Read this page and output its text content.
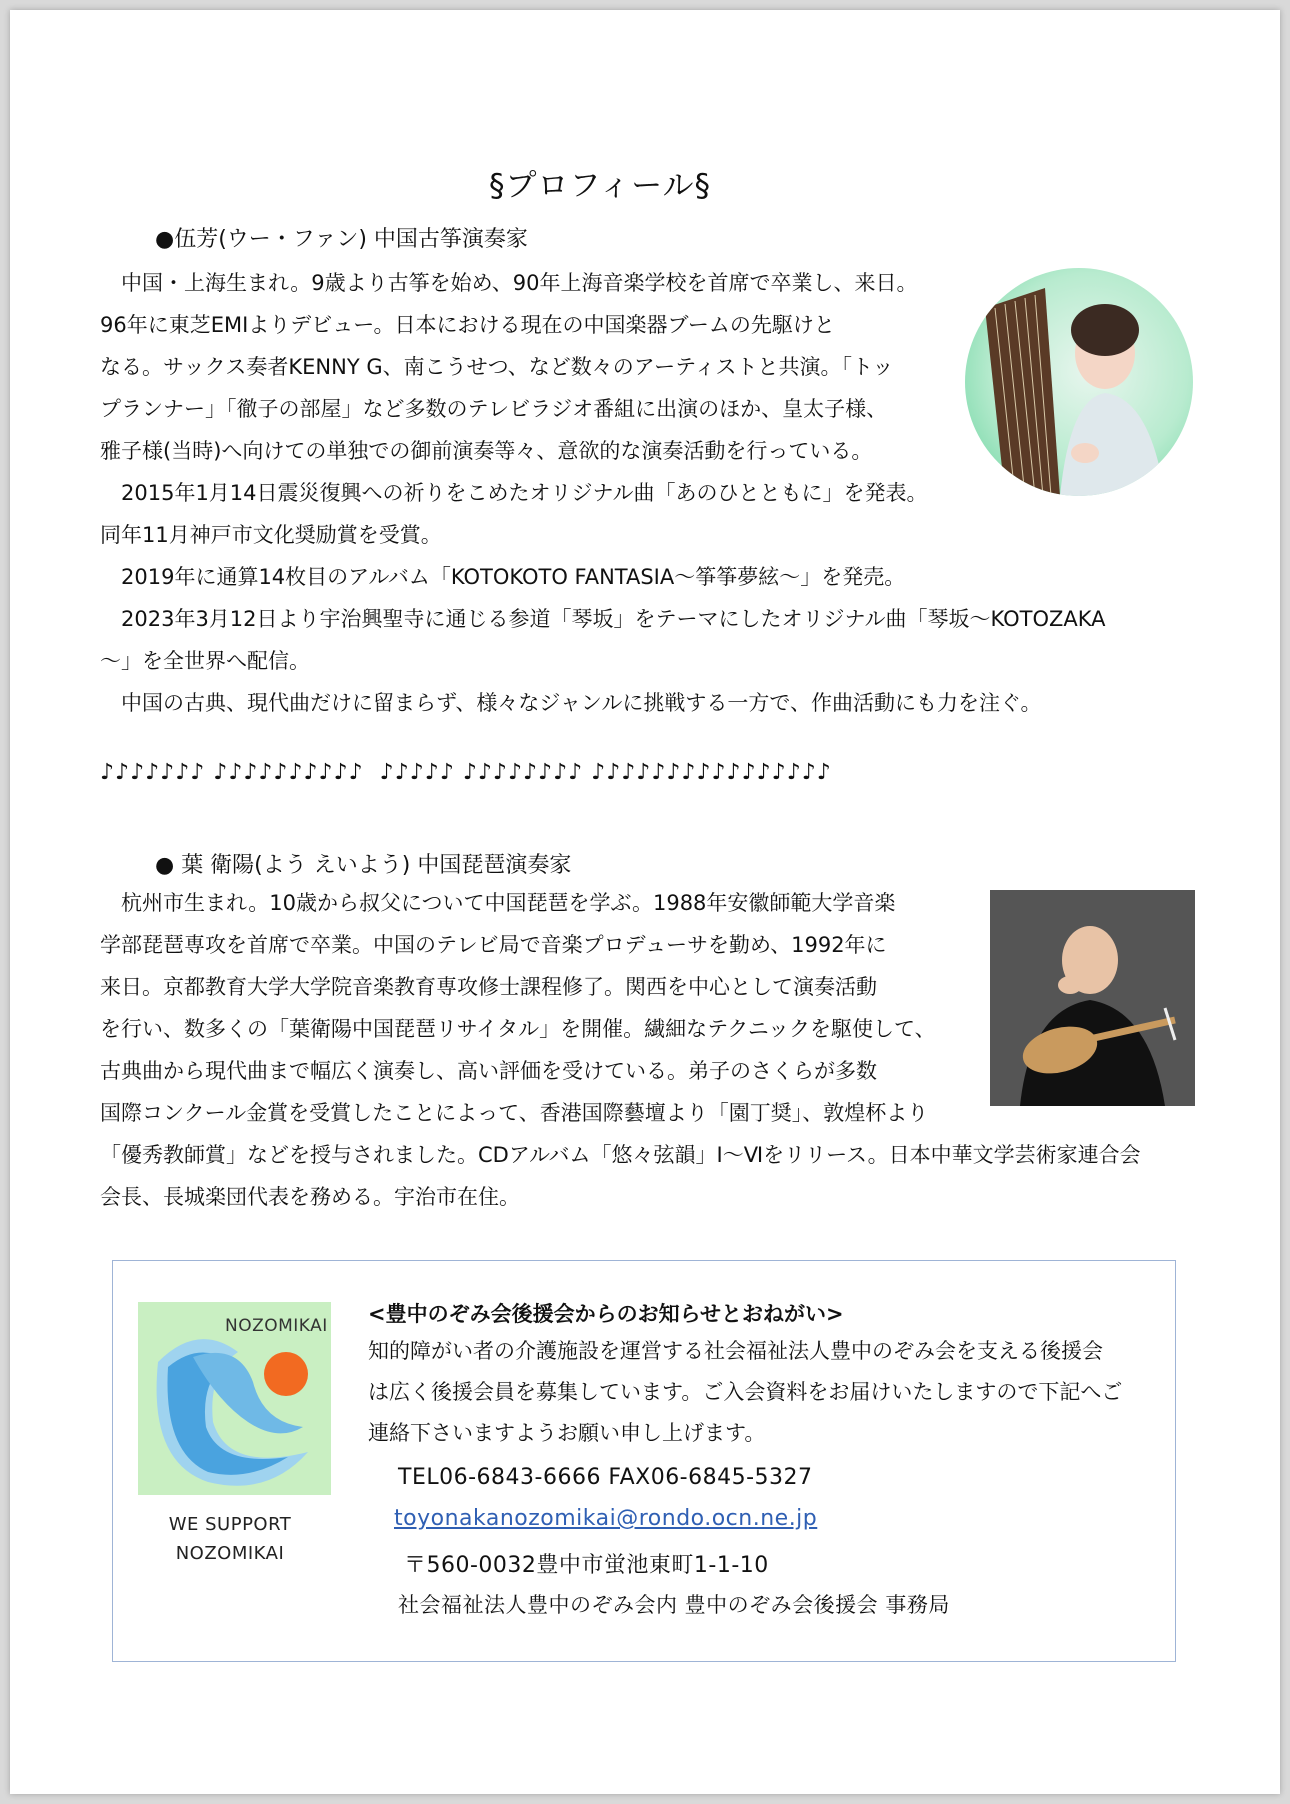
§プロフィール§
●伍芳(ウー・ファン) 中国古筝演奏家

　中国・上海生まれ。9歳より古筝を始め、90年上海音楽学校を首席で卒業し、来日。

96年に東芝EMIよりデビュー。日本における現在の中国楽器ブームの先駆けと

なる。サックス奏者KENNY G、南こうせつ、など数々のアーティストと共演。「トッ

プランナー」「徹子の部屋」など多数のテレビラジオ番組に出演のほか、皇太子様、

雅子様(当時)へ向けての単独での御前演奏等々、意欲的な演奏活動を行っている。

　2015年1月14日震災復興への祈りをこめたオリジナル曲「あのひとともに」を発表。

同年11月神戸市文化奨励賞を受賞。

　2019年に通算14枚目のアルバム「KOTOKOTO FANTASIA～筝筝夢絃～」を発売。

　2023年3月12日より宇治興聖寺に通じる参道「琴坂」をテーマにしたオリジナル曲「琴坂～KOTOZAKA

～」を全世界へ配信。

　中国の古典、現代曲だけに留まらず、様々なジャンルに挑戦する一方で、作曲活動にも力を注ぐ。

♪♪♪♪♪♪♪ ♪♪♪♪♪♪♪♪♪♪  ♪♪♪♪♪ ♪♪♪♪♪♪♪♪ ♪♪♪♪♪♪♪♪♪♪♪♪♪♪♪♪
● 葉 衛陽(よう えいよう) 中国琵琶演奏家

　杭州市生まれ。10歳から叔父について中国琵琶を学ぶ。1988年安徽師範大学音楽

学部琵琶専攻を首席で卒業。中国のテレビ局で音楽プロデューサを勤め、1992年に

来日。京都教育大学大学院音楽教育専攻修士課程修了。関西を中心として演奏活動

を行い、数多くの「葉衛陽中国琵琶リサイタル」を開催。繊細なテクニックを駆使して、

古典曲から現代曲まで幅広く演奏し、高い評価を受けている。弟子のさくらが多数

国際コンクール金賞を受賞したことによって、香港国際藝壇より「園丁奨」、敦煌杯より

「優秀教師賞」などを授与されました。CDアルバム「悠々弦韻」Ⅰ～Ⅵをリリース。日本中華文学芸術家連合会

会長、長城楽団代表を務める。宇治市在住。

NOZOMIKAI
WE SUPPORT
NOZOMIKAI
<豊中のぞみ会後援会からのお知らせとおねがい>

知的障がい者の介護施設を運営する社会福祉法人豊中のぞみ会を支える後援会

は広く後援会員を募集しています。ご入会資料をお届けいたしますので下記へご

連絡下さいますようお願い申し上げます。

TEL06-6843-6666 FAX06-6845-5327
toyonakanozomikai@rondo.ocn.ne.jp
〒560-0032豊中市蛍池東町1-1-10
社会福祉法人豊中のぞみ会内 豊中のぞみ会後援会 事務局
